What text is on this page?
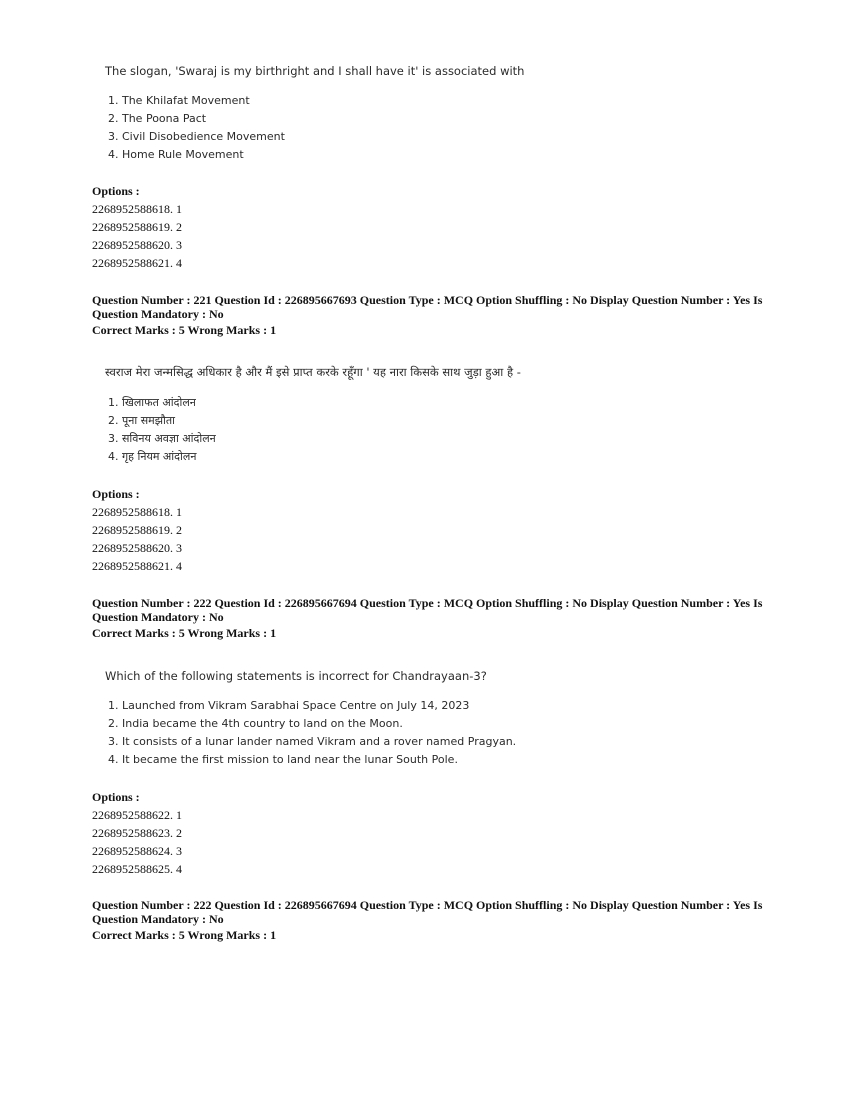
The slogan, 'Swaraj is my birthright and I shall have it' is associated with
1. The Khilafat Movement
2. The Poona Pact
3. Civil Disobedience Movement
4. Home Rule Movement
Options :
2268952588618. 1
2268952588619. 2
2268952588620. 3
2268952588621. 4
Question Number : 221 Question Id : 226895667693 Question Type : MCQ Option Shuffling : No Display Question Number : Yes Is Question Mandatory : No
Correct Marks : 5 Wrong Marks : 1
स्वराज मेरा जन्मसिद्ध अधिकार है और मैं इसे प्राप्त करके रहूँगा ' यह नारा किसके साथ जुड़ा हुआ है -
1. खिलाफत आंदोलन
2. पूना समझौता
3. सविनय अवज्ञा आंदोलन
4. गृह नियम आंदोलन
Options :
2268952588618. 1
2268952588619. 2
2268952588620. 3
2268952588621. 4
Question Number : 222 Question Id : 226895667694 Question Type : MCQ Option Shuffling : No Display Question Number : Yes Is Question Mandatory : No
Correct Marks : 5 Wrong Marks : 1
Which of the following statements is incorrect for Chandrayaan-3?
1. Launched from Vikram Sarabhai Space Centre on July 14, 2023
2. India became the 4th country to land on the Moon.
3. It consists of a lunar lander named Vikram and a rover named Pragyan.
4. It became the first mission to land near the lunar South Pole.
Options :
2268952588622. 1
2268952588623. 2
2268952588624. 3
2268952588625. 4
Question Number : 222 Question Id : 226895667694 Question Type : MCQ Option Shuffling : No Display Question Number : Yes Is Question Mandatory : No
Correct Marks : 5 Wrong Marks : 1
